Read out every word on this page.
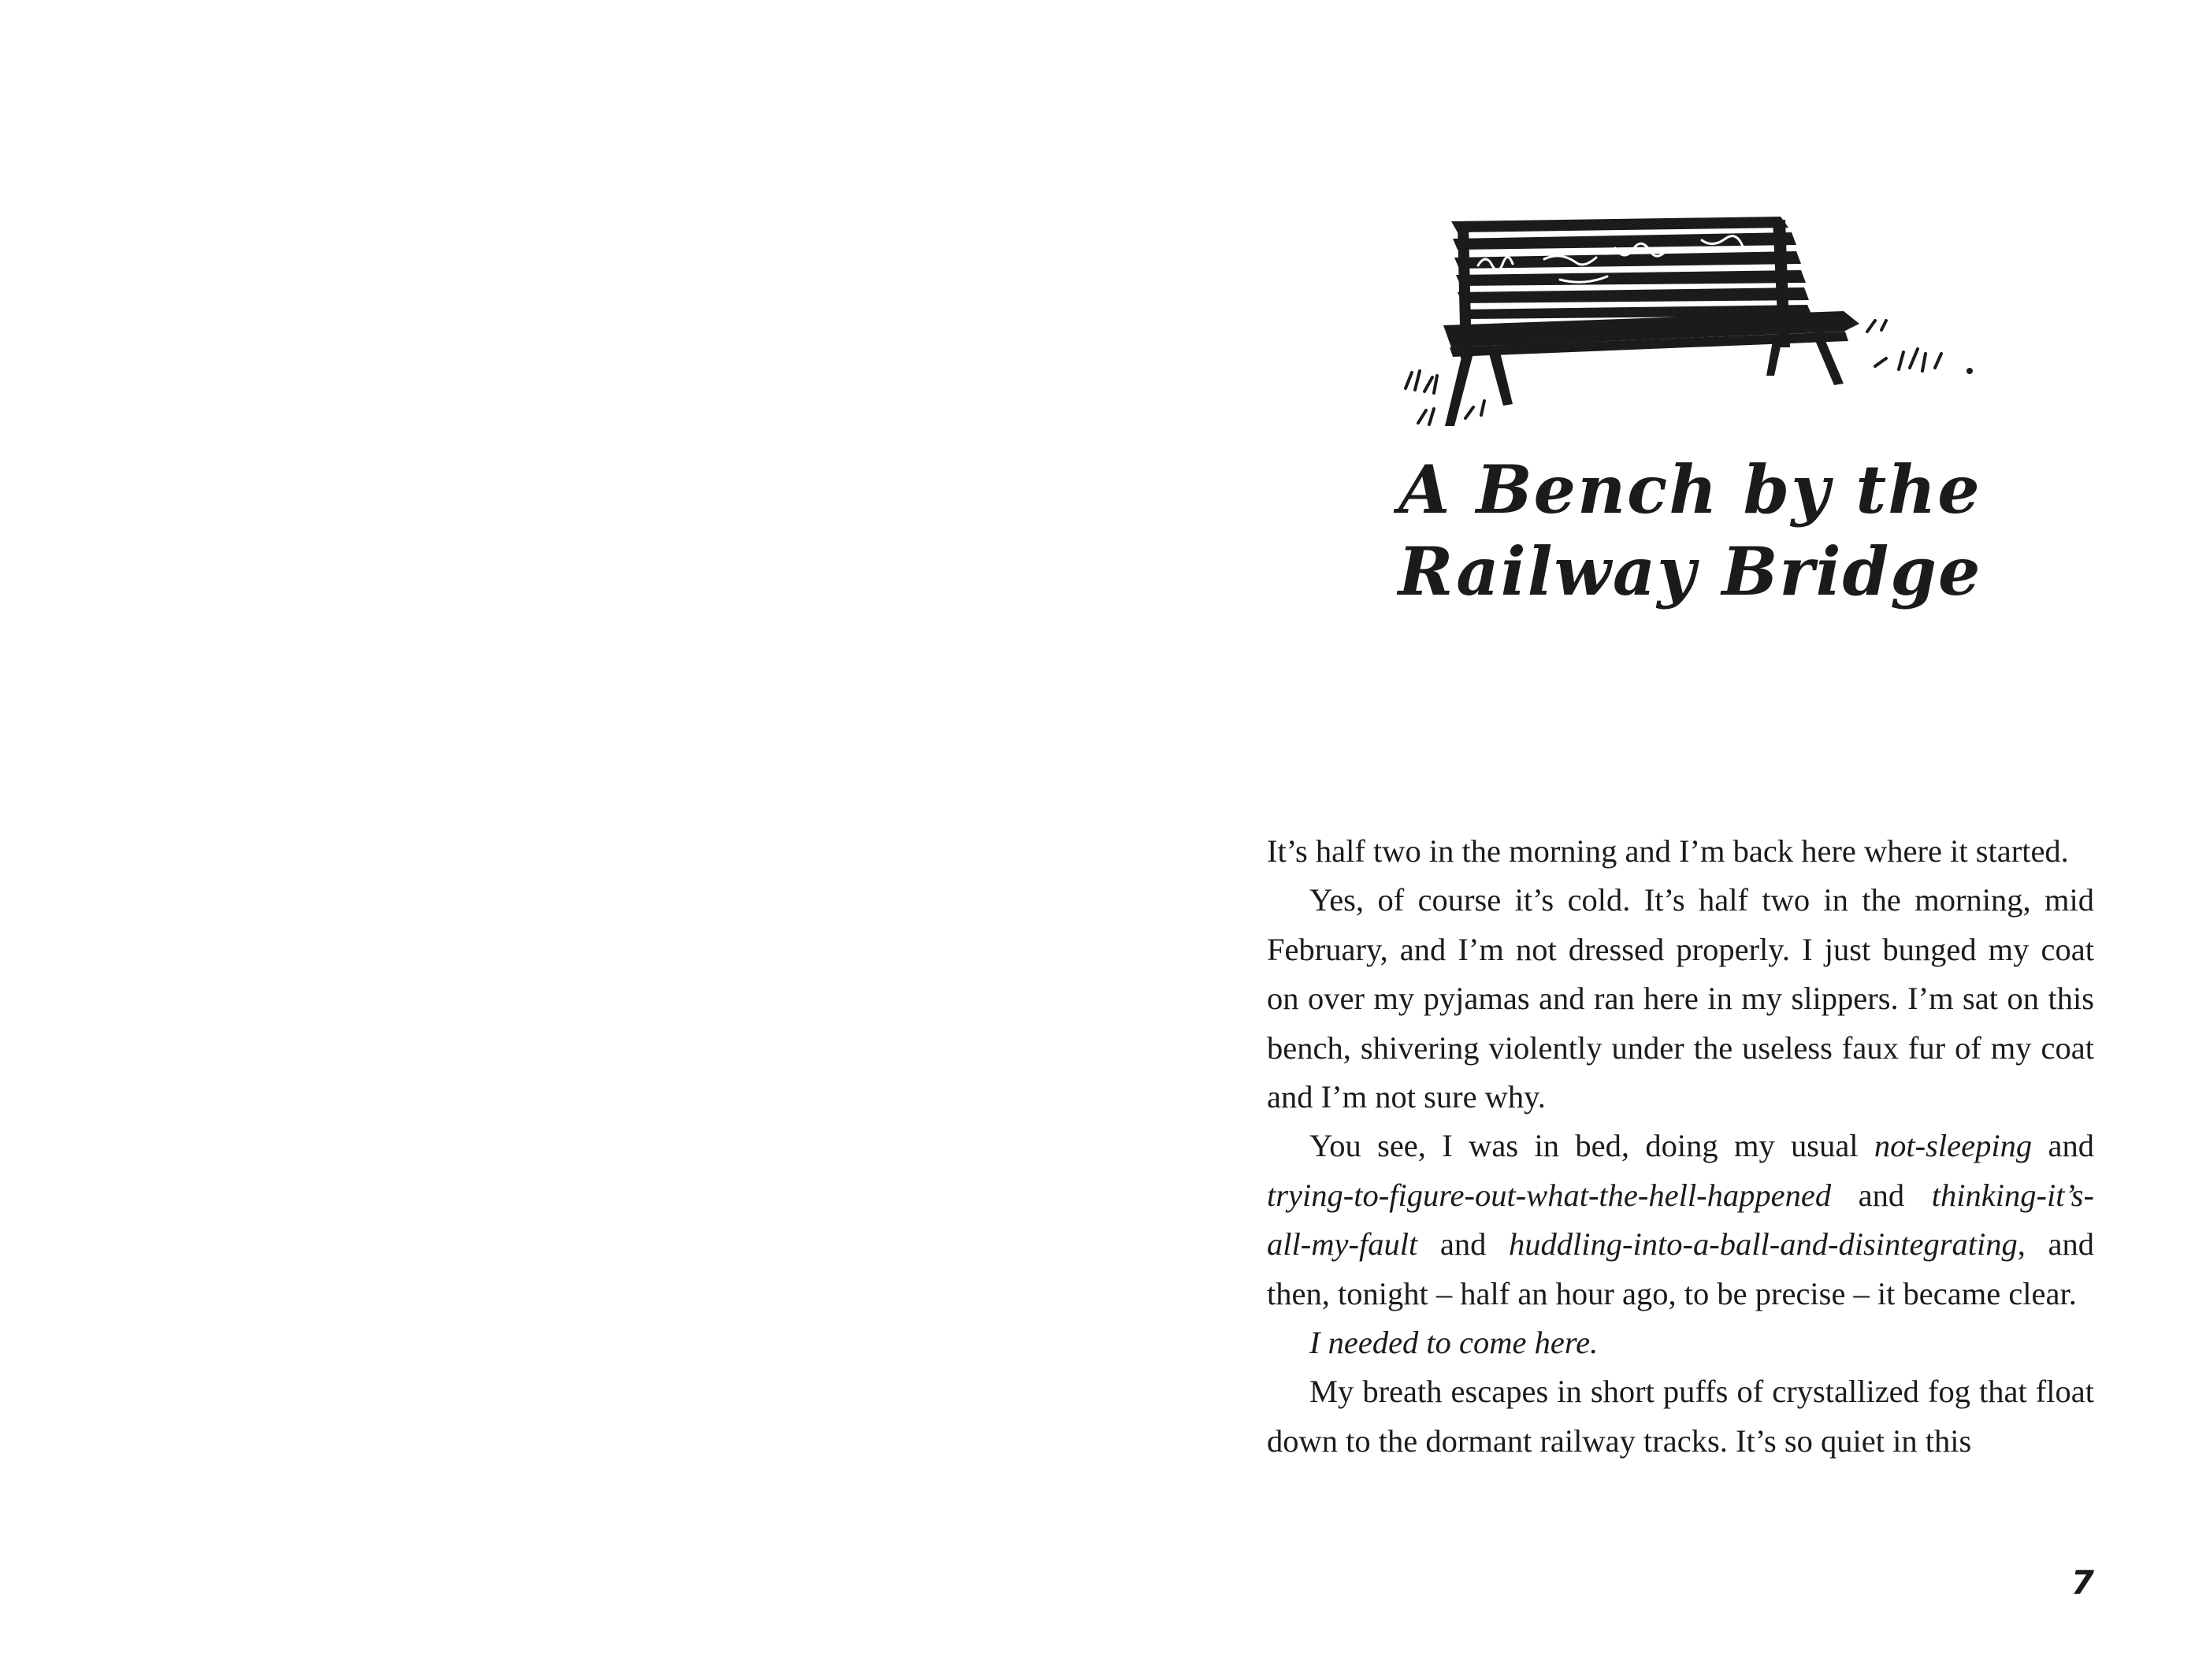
A Bench by the
Railway Bridge

It’s half two in the morning and I’m back here where it started.

Yes, of course it’s cold. It’s half two in the morning, mid February, and I’m not dressed properly. I just bunged my coat on over my pyjamas and ran here in my slippers. I’m sat on this bench, shivering violently under the useless faux fur of my coat and I’m not sure why.

You see, I was in bed, doing my usual not-sleeping and trying-to-figure-out-what-the-hell-happened and thinking-it’s-all-my-fault and huddling-into-a-ball-and-disintegrating, and then, tonight – half an hour ago, to be precise – it became clear.

I needed to come here.

My breath escapes in short puffs of crystallized fog that float down to the dormant railway tracks. It’s so quiet in this

7
